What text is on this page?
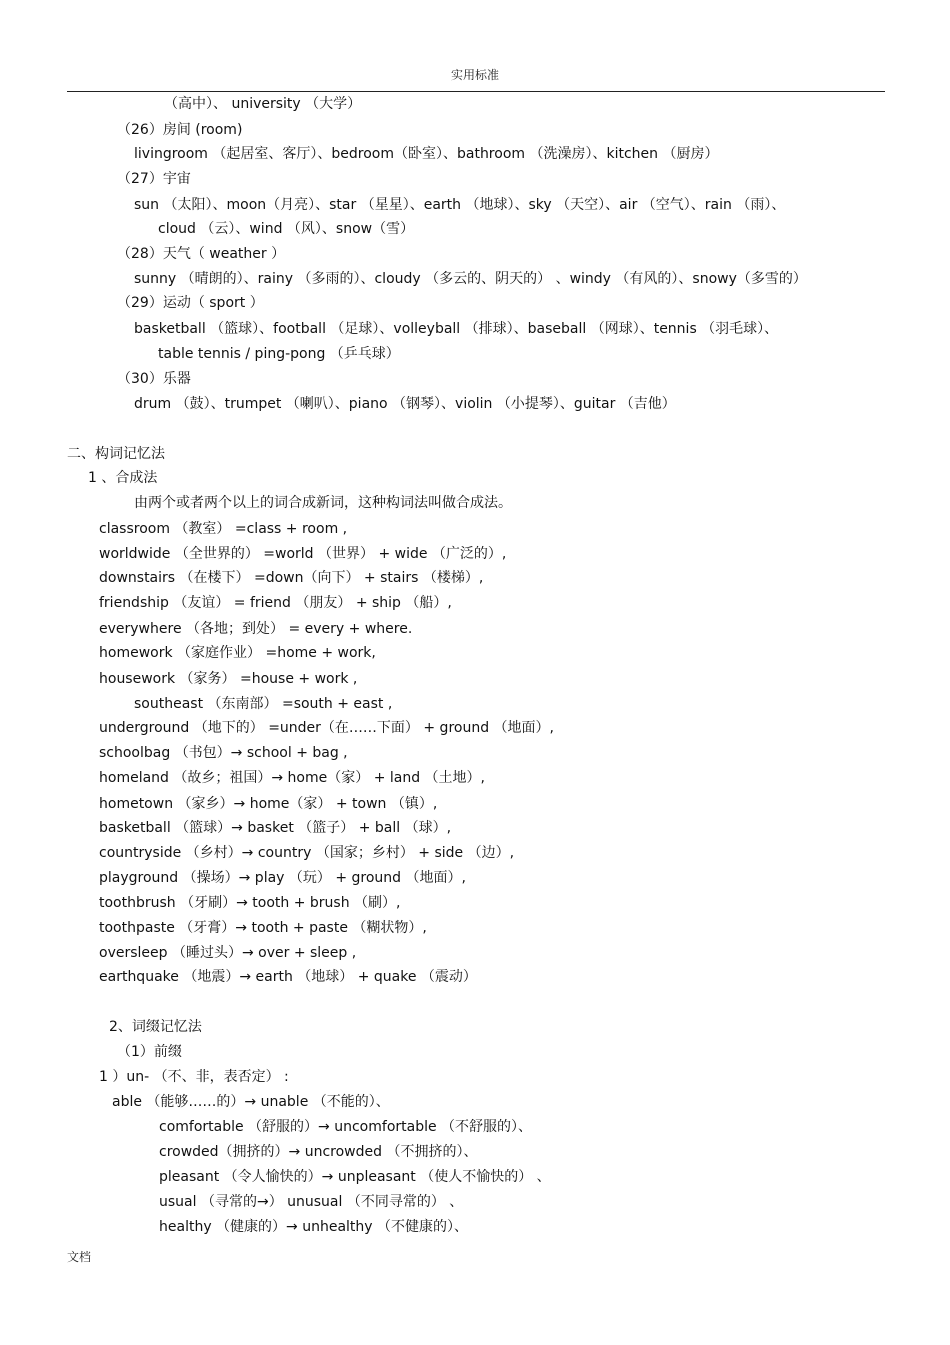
实用标准
（高中）、 university （大学）
（26）房间 (room)
livingroom （起居室、客厅）、bedroom（卧室）、bathroom （洗澡房）、kitchen （厨房）
（27）宇宙
sun （太阳）、moon（月亮）、star （星星）、earth （地球）、sky （天空）、air （空气）、rain （雨）、
cloud （云）、wind （风）、snow（雪）
（28）天气（ weather ）
sunny （晴朗的）、rainy （多雨的）、cloudy （多云的、阴天的） 、windy （有风的）、snowy（多雪的）
（29）运动（ sport ）
basketball （篮球）、football （足球）、volleyball （排球）、baseball （网球）、tennis （羽毛球）、
table tennis / ping-pong （乒乓球）
（30）乐器
drum （鼓）、trumpet （喇叭）、piano （钢琴）、violin （小提琴）、guitar （吉他）
二、构词记忆法
1 、合成法
由两个或者两个以上的词合成新词，这种构词法叫做合成法。
classroom （教室） =class + room ,
worldwide （全世界的） =world （世界） + wide （广泛的）,
downstairs （在楼下） =down（向下） + stairs （楼梯）,
friendship （友谊） = friend （朋友） + ship （船）,
everywhere （各地；到处） = every + where.
homework （家庭作业） =home + work,
housework （家务） =house + work ,
southeast （东南部） =south + east ,
underground （地下的） =under（在……下面） + ground （地面）,
schoolbag （书包）→ school + bag ,
homeland （故乡；祖国）→ home（家） + land （土地）,
hometown （家乡）→ home（家） + town （镇）,
basketball （篮球）→ basket （篮子） + ball （球）,
countryside （乡村）→ country （国家；乡村） + side （边）,
playground （操场）→ play （玩） + ground （地面）,
toothbrush （牙刷）→ tooth + brush （刷）,
toothpaste （牙膏）→ tooth + paste （糊状物）,
oversleep （睡过头）→ over + sleep ,
earthquake （地震）→ earth （地球） + quake （震动）
2、词缀记忆法
（1）前缀
1 ）un- （不、非，表否定） :
able （能够……的）→ unable （不能的）、
comfortable （舒服的）→ uncomfortable （不舒服的）、
crowded（拥挤的）→ uncrowded （不拥挤的）、
pleasant （令人愉快的）→ unpleasant （使人不愉快的） 、
usual （寻常的→） unusual （不同寻常的） 、
healthy （健康的）→ unhealthy （不健康的）、
文档
